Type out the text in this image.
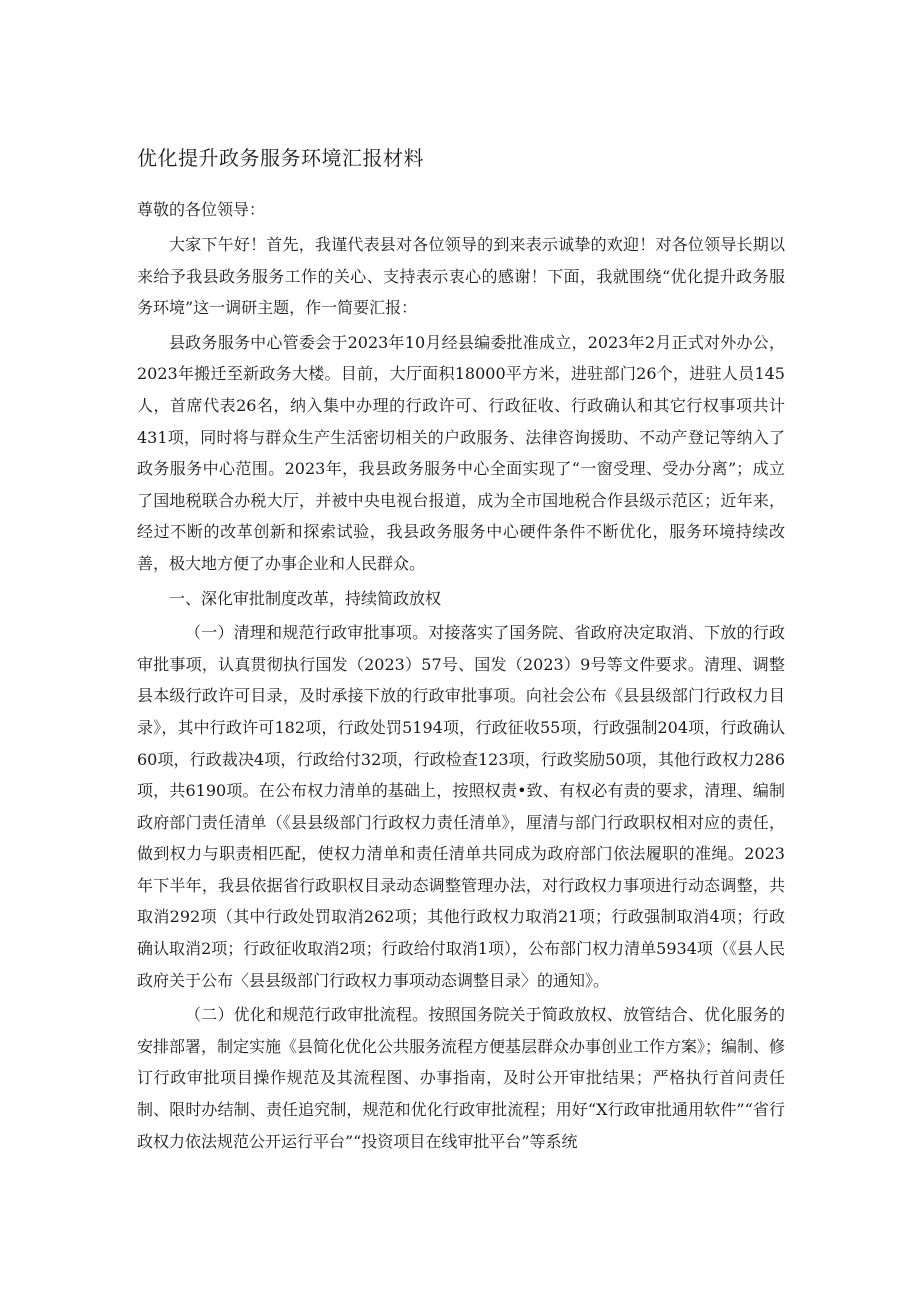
优化提升政务服务环境汇报材料
尊敬的各位领导：

大家下午好！首先，我谨代表县对各位领导的到来表示诚挚的欢迎！对各位领导长期以来给予我县政务服务工作的关心、支持表示衷心的感谢！下面，我就围绕“优化提升政务服务环境”这一调研主题，作一简要汇报：

县政务服务中心管委会于2023年10月经县编委批准成立，2023年2月正式对外办公，2023年搬迁至新政务大楼。目前，大厅面积18000平方米，进驻部门26个，进驻人员145人，首席代表26名，纳入集中办理的行政许可、行政征收、行政确认和其它行权事项共计431项，同时将与群众生产生活密切相关的户政服务、法律咨询援助、不动产登记等纳入了政务服务中心范围。2023年，我县政务服务中心全面实现了“一窗受理、受办分离”；成立了国地税联合办税大厅，并被中央电视台报道，成为全市国地税合作县级示范区；近年来，经过不断的改革创新和探索试验，我县政务服务中心硬件条件不断优化，服务环境持续改善，极大地方便了办事企业和人民群众。

一、深化审批制度改革，持续简政放权

（一）清理和规范行政审批事项。对接落实了国务院、省政府决定取消、下放的行政审批事项，认真贯彻执行国发（2023）57号、国发（2023）9号等文件要求。清理、调整县本级行政许可目录，及时承接下放的行政审批事项。向社会公布《县县级部门行政权力目录》，其中行政许可182项，行政处罚5194项，行政征收55项，行政强制204项，行政确认60项，行政裁决4项，行政给付32项，行政检查123项，行政奖励50项，其他行政权力286项，共6190项。在公布权力清单的基础上，按照权责•致、有权必有责的要求，清理、编制政府部门责任清单（《县县级部门行政权力责任清单》，厘清与部门行政职权相对应的责任，做到权力与职责相匹配，使权力清单和责任清单共同成为政府部门依法履职的准绳。2023年下半年，我县依据省行政职权目录动态调整管理办法，对行政权力事项进行动态调整，共取消292项（其中行政处罚取消262项；其他行政权力取消21项；行政强制取消4项；行政确认取消2项；行政征收取消2项；行政给付取消1项），公布部门权力清单5934项（《县人民政府关于公布〈县县级部门行政权力事项动态调整目录〉的通知》。

（二）优化和规范行政审批流程。按照国务院关于简政放权、放管结合、优化服务的安排部署，制定实施《县简化优化公共服务流程方便基层群众办事创业工作方案》；编制、修订行政审批项目操作规范及其流程图、办事指南，及时公开审批结果；严格执行首问责任制、限时办结制、责任追究制，规范和优化行政审批流程；用好“X行政审批通用软件”“省行政权力依法规范公开运行平台”“投资项目在线审批平台”等系统
